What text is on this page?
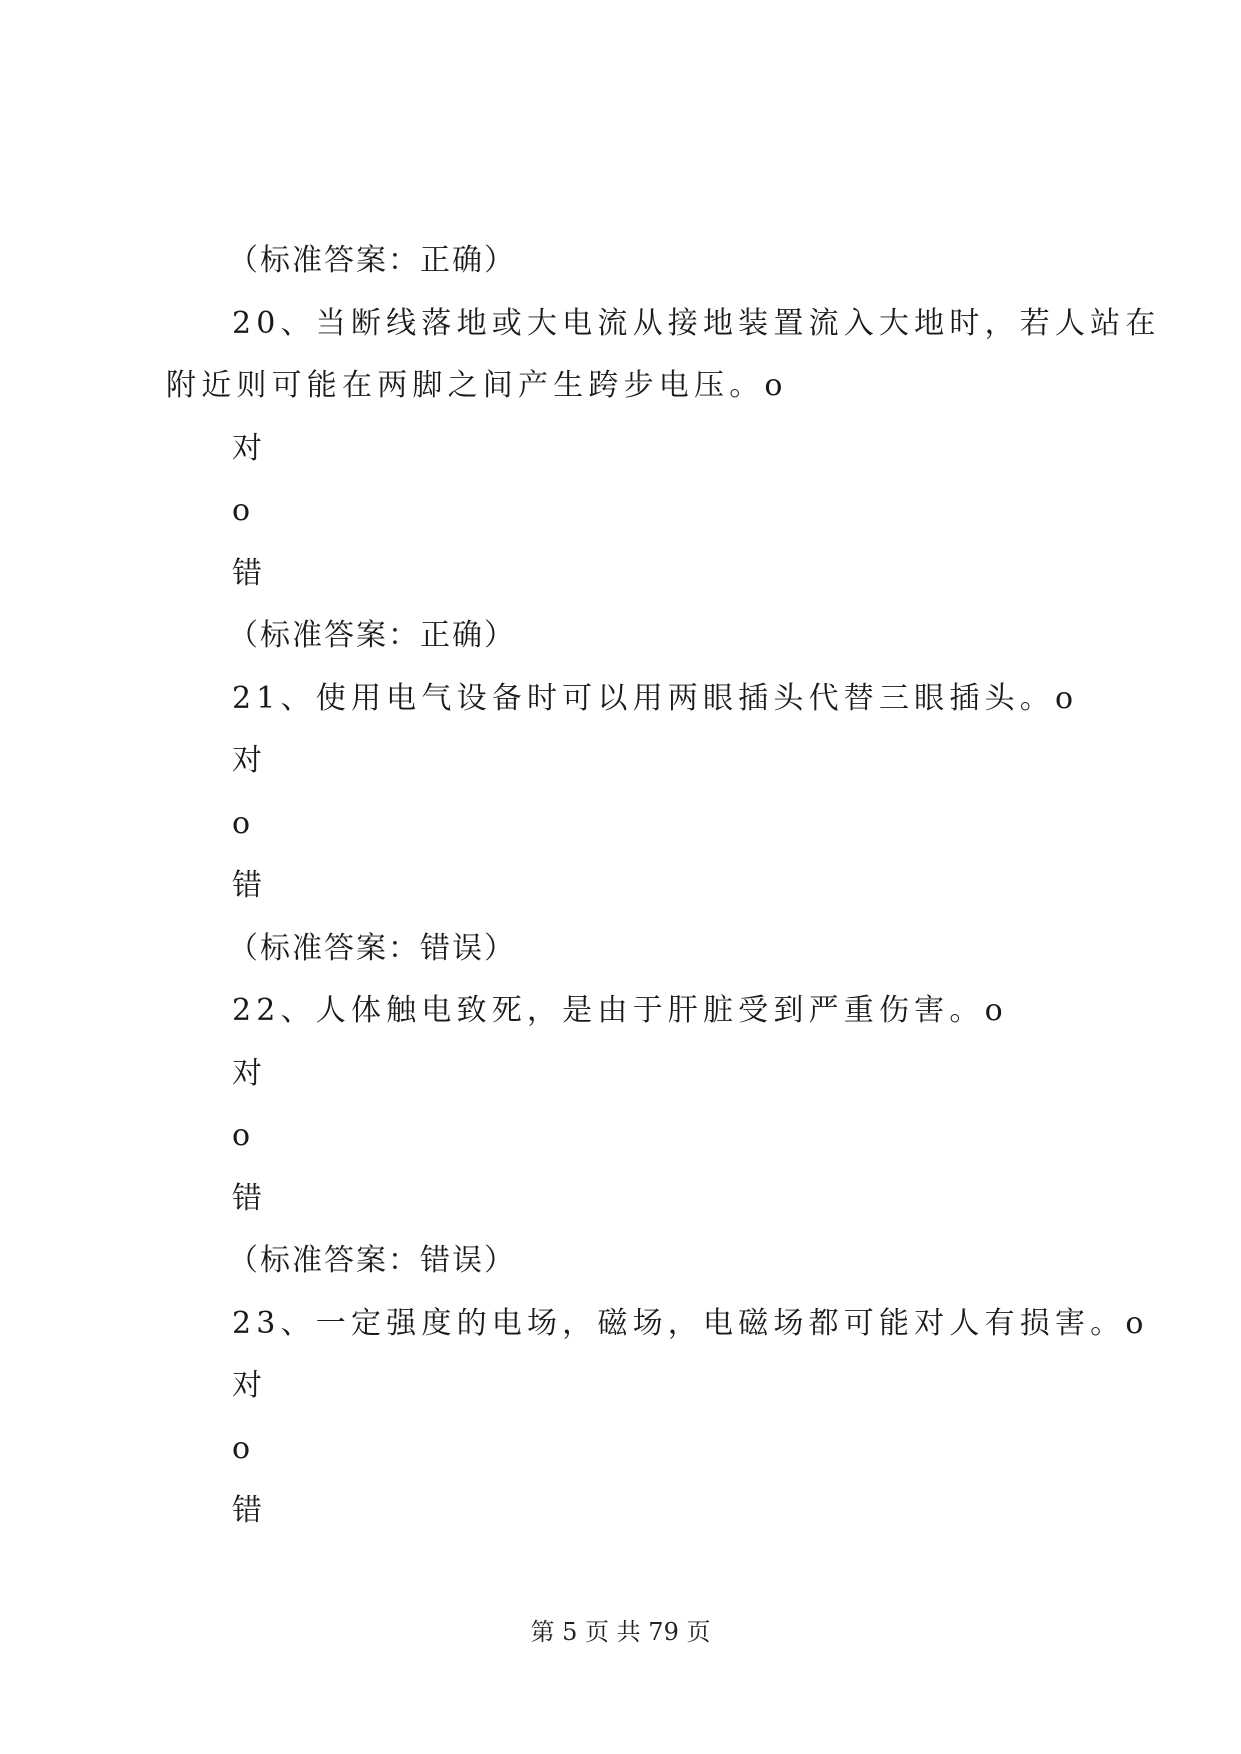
（标准答案：正确）
20、当断线落地或大电流从接地装置流入大地时，若人站在
附近则可能在两脚之间产生跨步电压。o
对
o
错
（标准答案：正确）
21、使用电气设备时可以用两眼插头代替三眼插头。o
对
o
错
（标准答案：错误）
22、人体触电致死，是由于肝脏受到严重伤害。o
对
o
错
（标准答案：错误）
23、一定强度的电场，磁场，电磁场都可能对人有损害。o
对
o
错
第 5 页 共 79 页
